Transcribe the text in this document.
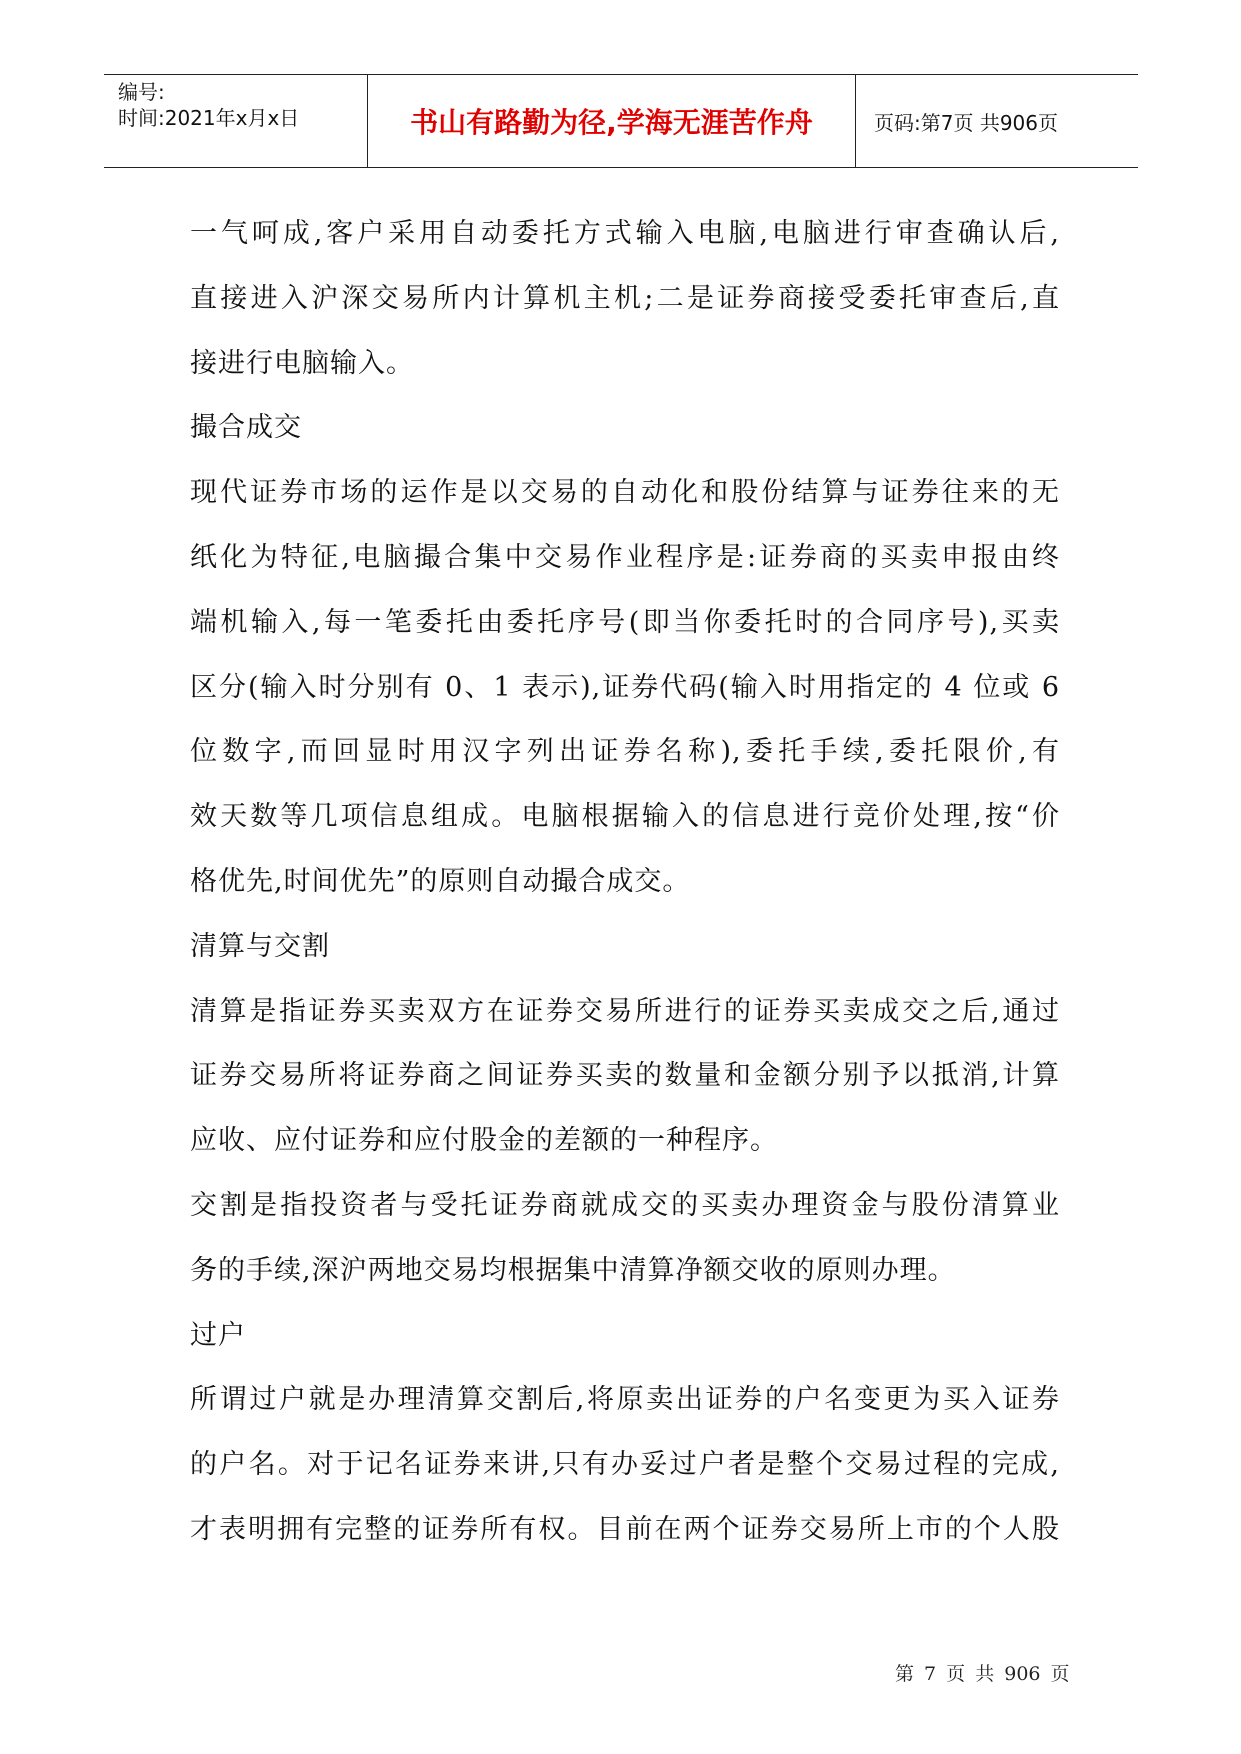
编号:
时间:2021年x月x日	书山有路勤为径,学海无涯苦作舟	页码:第7页 共906页
一气呵成,客户采用自动委托方式输入电脑,电脑进行审查确认后,
直接进入沪深交易所内计算机主机;二是证券商接受委托审查后,直
接进行电脑输入。
撮合成交
现代证券市场的运作是以交易的自动化和股份结算与证券往来的无
纸化为特征,电脑撮合集中交易作业程序是:证券商的买卖申报由终
端机输入,每一笔委托由委托序号(即当你委托时的合同序号),买卖
区分(输入时分别有 0、1 表示),证券代码(输入时用指定的 4 位或 6
位数字,而回显时用汉字列出证券名称),委托手续,委托限价,有
效天数等几项信息组成。电脑根据输入的信息进行竞价处理,按“价
格优先,时间优先”的原则自动撮合成交。
清算与交割
清算是指证券买卖双方在证券交易所进行的证券买卖成交之后,通过
证券交易所将证券商之间证券买卖的数量和金额分别予以抵消,计算
应收、应付证券和应付股金的差额的一种程序。
交割是指投资者与受托证券商就成交的买卖办理资金与股份清算业
务的手续,深沪两地交易均根据集中清算净额交收的原则办理。
过户
所谓过户就是办理清算交割后,将原卖出证券的户名变更为买入证券
的户名。对于记名证券来讲,只有办妥过户者是整个交易过程的完成,
才表明拥有完整的证券所有权。目前在两个证券交易所上市的个人股
第 7 页 共 906 页
